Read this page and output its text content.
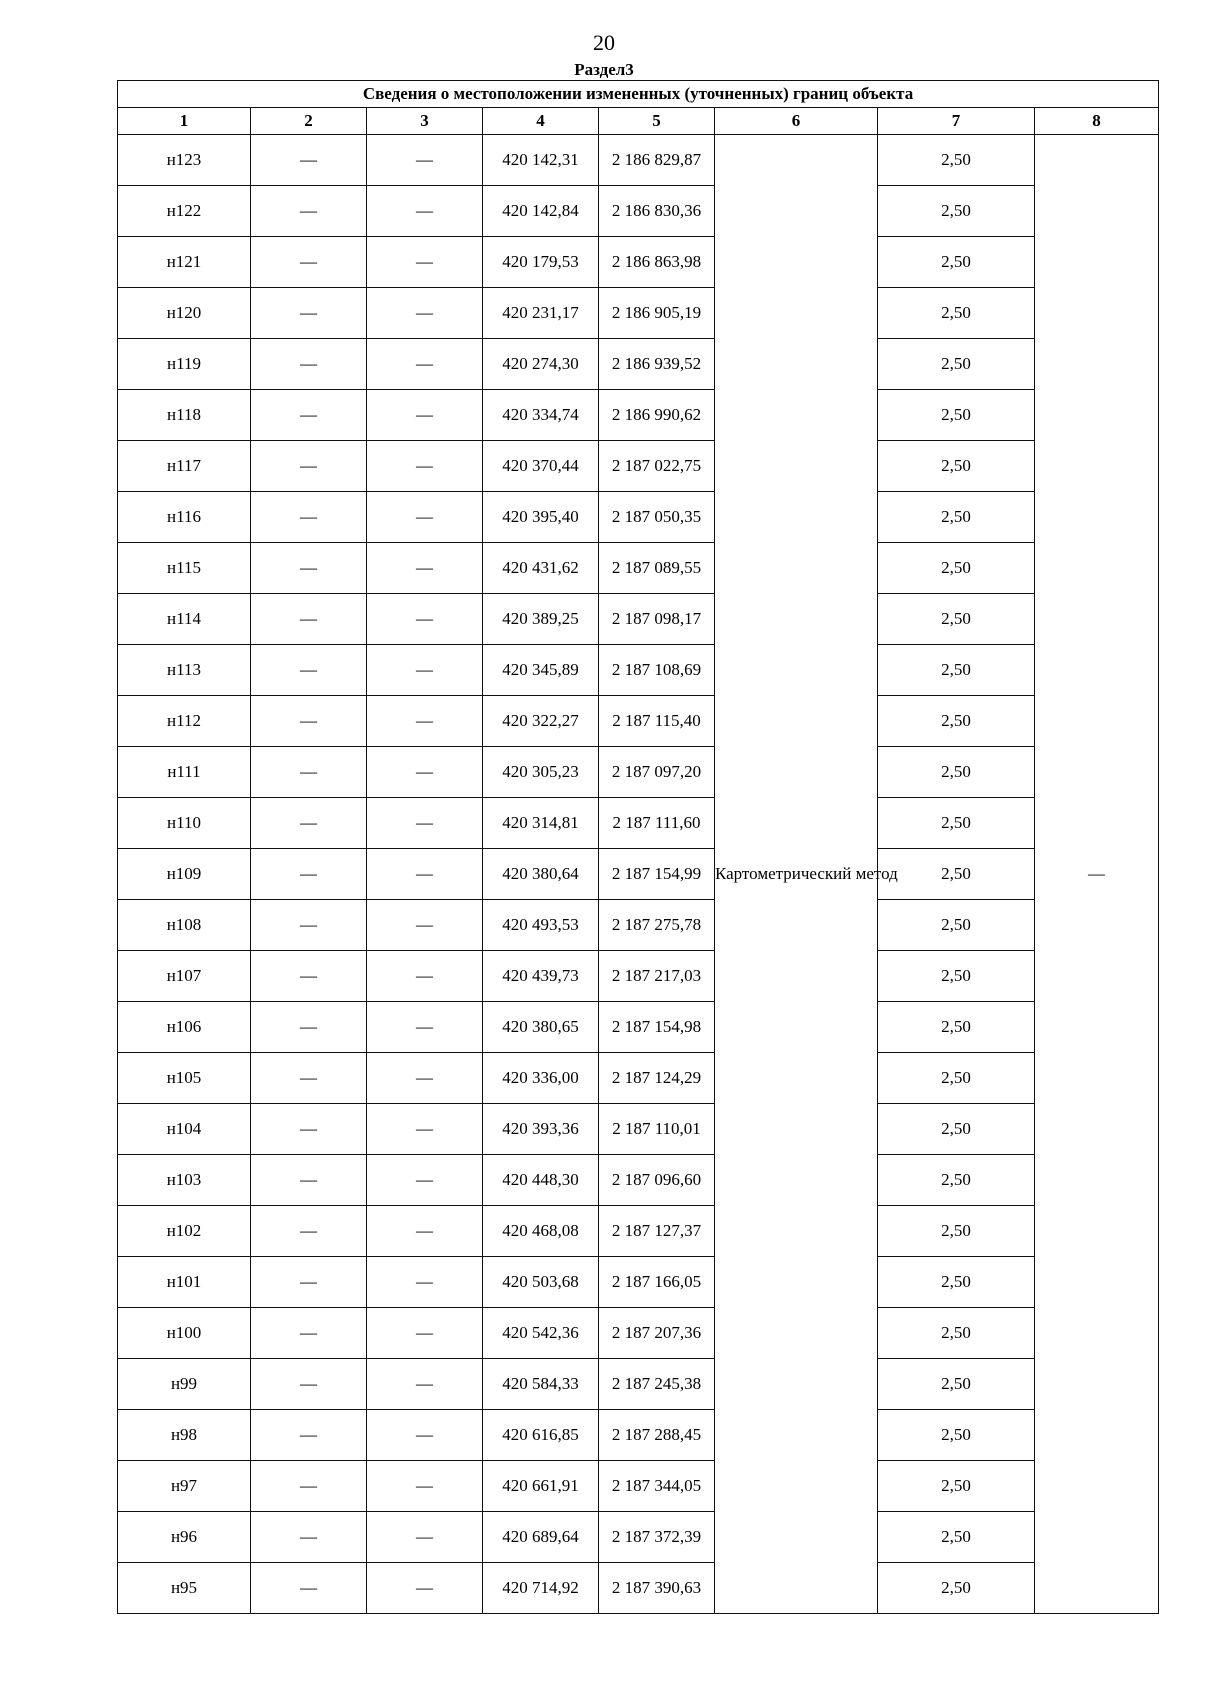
20
Раздел3
Сведения о местоположении измененных (уточненных) границ объекта							
1	2	3	4	5	6	7	8
н123	—	—	420 142,31	2 186 829,87	Картометрический метод	2,50	—
н122	—	—	420 142,84	2 186 830,36		2,50	
н121	—	—	420 179,53	2 186 863,98		2,50	
н120	—	—	420 231,17	2 186 905,19		2,50	
н119	—	—	420 274,30	2 186 939,52		2,50	
н118	—	—	420 334,74	2 186 990,62		2,50	
н117	—	—	420 370,44	2 187 022,75		2,50	
н116	—	—	420 395,40	2 187 050,35		2,50	
н115	—	—	420 431,62	2 187 089,55		2,50	
н114	—	—	420 389,25	2 187 098,17		2,50	
н113	—	—	420 345,89	2 187 108,69		2,50	
н112	—	—	420 322,27	2 187 115,40		2,50	
н111	—	—	420 305,23	2 187 097,20		2,50	
н110	—	—	420 314,81	2 187 111,60		2,50	
н109	—	—	420 380,64	2 187 154,99		2,50	
н108	—	—	420 493,53	2 187 275,78		2,50	
н107	—	—	420 439,73	2 187 217,03		2,50	
н106	—	—	420 380,65	2 187 154,98		2,50	
н105	—	—	420 336,00	2 187 124,29		2,50	
н104	—	—	420 393,36	2 187 110,01		2,50	
н103	—	—	420 448,30	2 187 096,60		2,50	
н102	—	—	420 468,08	2 187 127,37		2,50	
н101	—	—	420 503,68	2 187 166,05		2,50	
н100	—	—	420 542,36	2 187 207,36		2,50	
н99	—	—	420 584,33	2 187 245,38		2,50	
н98	—	—	420 616,85	2 187 288,45		2,50	
н97	—	—	420 661,91	2 187 344,05		2,50	
н96	—	—	420 689,64	2 187 372,39		2,50	
н95	—	—	420 714,92	2 187 390,63		2,50	
